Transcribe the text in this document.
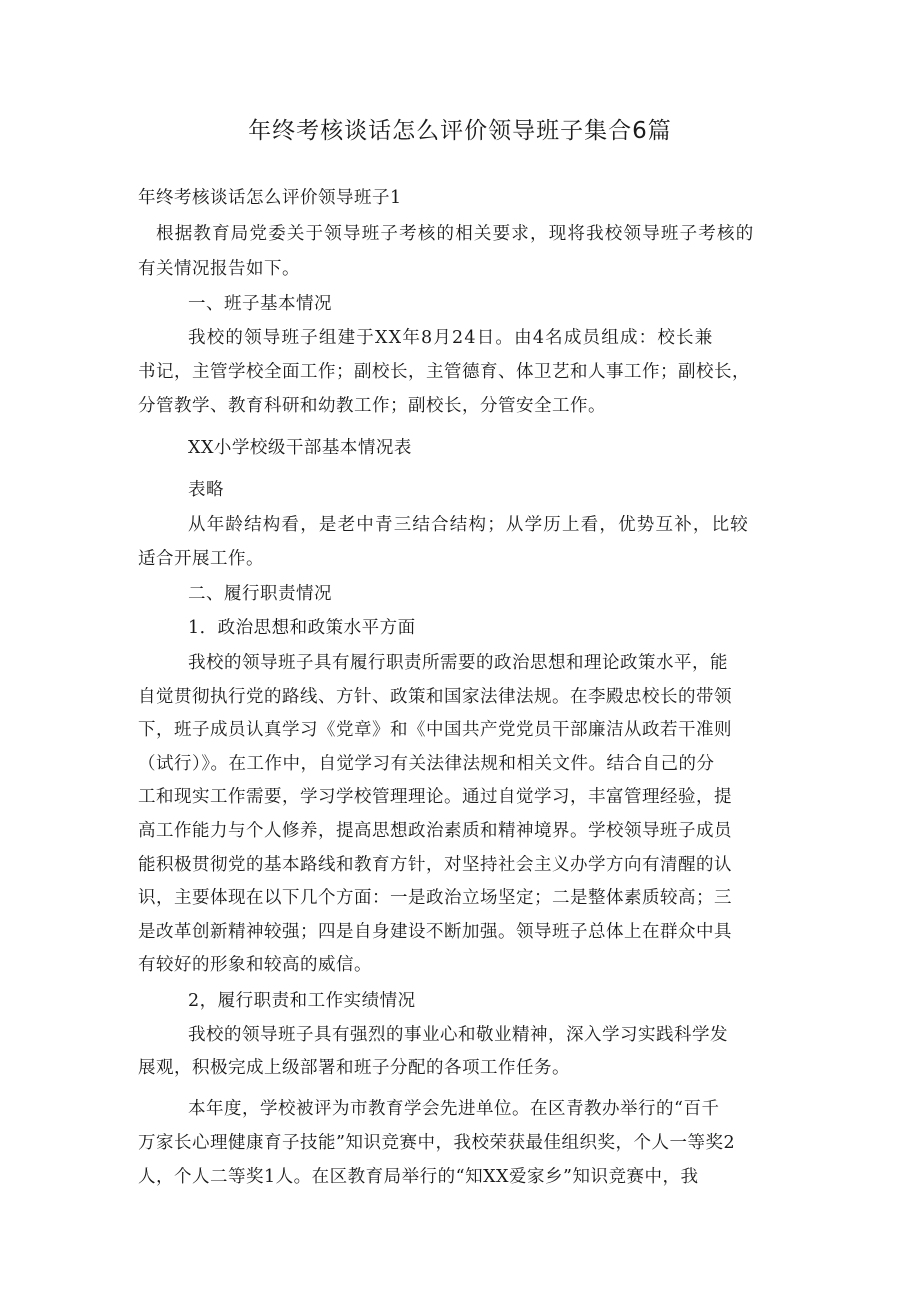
年终考核谈话怎么评价领导班子集合6篇

年终考核谈话怎么评价领导班子1

根据教育局党委关于领导班子考核的相关要求，现将我校领导班子考核的

有关情况报告如下。

一、班子基本情况

我校的领导班子组建于XX年8月24日。由4名成员组成：校长兼

书记，主管学校全面工作；副校长，主管德育、体卫艺和人事工作；副校长，

分管教学、教育科研和幼教工作；副校长，分管安全工作。

XX小学校级干部基本情况表

表略

从年龄结构看，是老中青三结合结构；从学历上看，优势互补，比较

适合开展工作。

二、履行职责情况

1．政治思想和政策水平方面

我校的领导班子具有履行职责所需要的政治思想和理论政策水平，能

自觉贯彻执行党的路线、方针、政策和国家法律法规。在李殿忠校长的带领

下，班子成员认真学习《党章》和《中国共产党党员干部廉洁从政若干准则

（试行）》。在工作中，自觉学习有关法律法规和相关文件。结合自己的分

工和现实工作需要，学习学校管理理论。通过自觉学习，丰富管理经验，提

高工作能力与个人修养，提高思想政治素质和精神境界。学校领导班子成员

能积极贯彻党的基本路线和教育方针，对坚持社会主义办学方向有清醒的认

识，主要体现在以下几个方面：一是政治立场坚定；二是整体素质较高；三

是改革创新精神较强；四是自身建设不断加强。领导班子总体上在群众中具

有较好的形象和较高的威信。

2，履行职责和工作实绩情况

我校的领导班子具有强烈的事业心和敬业精神，深入学习实践科学发

展观，积极完成上级部署和班子分配的各项工作任务。

本年度，学校被评为市教育学会先进单位。在区青教办举行的“百千

万家长心理健康育子技能”知识竞赛中，我校荣获最佳组织奖，个人一等奖2

人，个人二等奖1人。在区教育局举行的“知XX爱家乡”知识竞赛中，我
